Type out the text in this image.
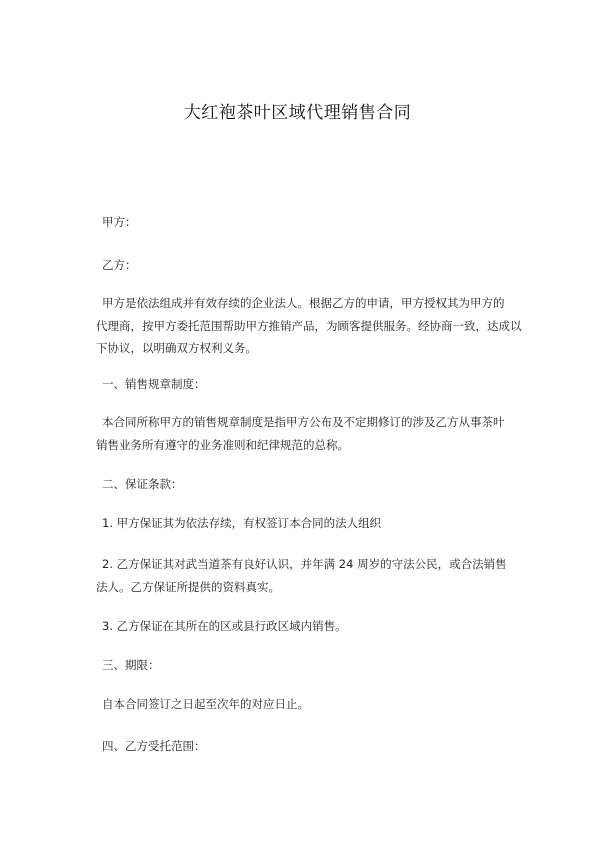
大红袍茶叶区域代理销售合同
甲方：
乙方：
甲方是依法组成并有效存续的企业法人。根据乙方的申请，甲方授权其为甲方的
代理商，按甲方委托范围帮助甲方推销产品，为顾客提供服务。经协商一致，达成以
下协议，以明确双方权利义务。
一、销售规章制度：
本合同所称甲方的销售规章制度是指甲方公布及不定期修订的涉及乙方从事茶叶
销售业务所有遵守的业务准则和纪律规范的总称。
二、保证条款：
1. 甲方保证其为依法存续，有权签订本合同的法人组织
2. 乙方保证其对武当道茶有良好认识，并年满 24 周岁的守法公民，或合法销售
法人。乙方保证所提供的资料真实。
3. 乙方保证在其所在的区或县行政区域内销售。
三、期限：
自本合同签订之日起至次年的对应日止。
四、乙方受托范围：
